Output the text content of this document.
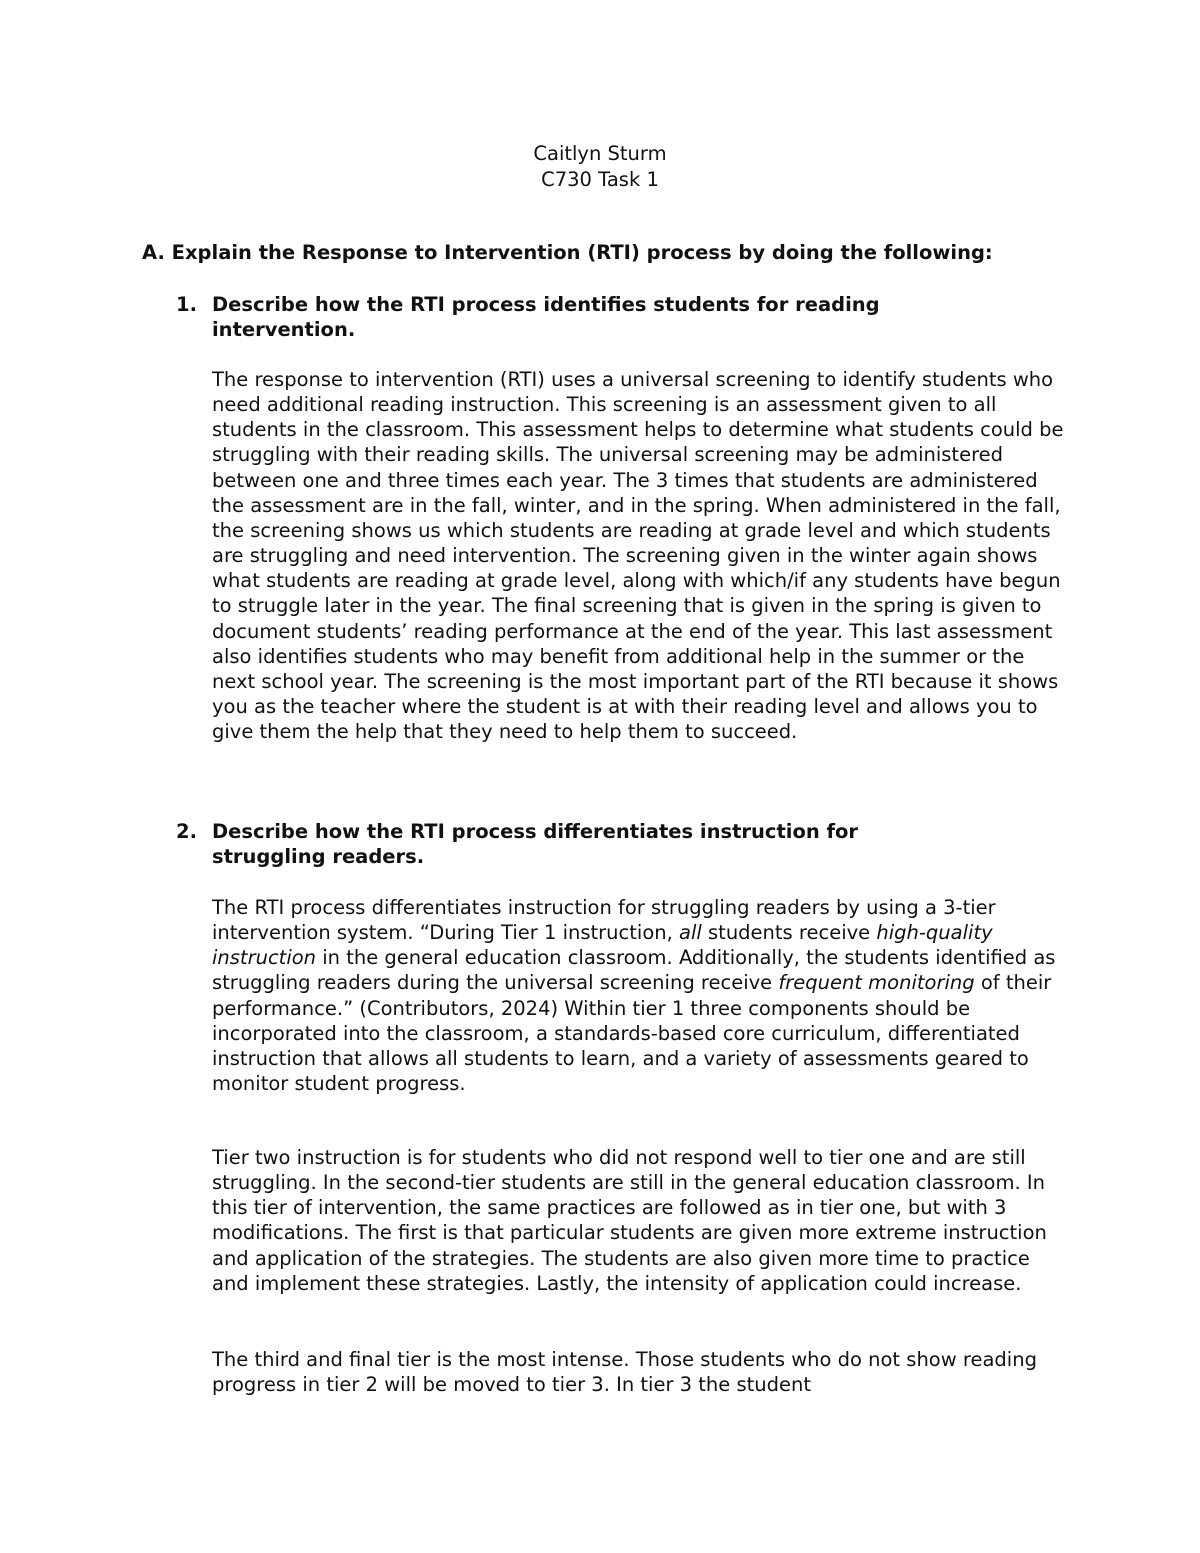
Caitlyn Sturm
C730 Task 1
A. Explain the Response to Intervention (RTI) process by doing the following:
1. Describe how the RTI process identifies students for reading intervention.

The response to intervention (RTI) uses a universal screening to identify students who need additional reading instruction. This screening is an assessment given to all students in the classroom. This assessment helps to determine what students could be struggling with their reading skills. The universal screening may be administered between one and three times each year. The 3 times that students are administered the assessment are in the fall, winter, and in the spring. When administered in the fall, the screening shows us which students are reading at grade level and which students are struggling and need intervention. The screening given in the winter again shows what students are reading at grade level, along with which/if any students have begun to struggle later in the year. The final screening that is given in the spring is given to document students’ reading performance at the end of the year. This last assessment also identifies students who may benefit from additional help in the summer or the next school year. The screening is the most important part of the RTI because it shows you as the teacher where the student is at with their reading level and allows you to give them the help that they need to help them to succeed.

2. Describe how the RTI process differentiates instruction for struggling readers.

The RTI process differentiates instruction for struggling readers by using a 3-tier intervention system. “During Tier 1 instruction, all students receive high-quality instruction in the general education classroom. Additionally, the students identified as struggling readers during the universal screening receive frequent monitoring of their performance.” (Contributors, 2024) Within tier 1 three components should be incorporated into the classroom, a standards-based core curriculum, differentiated instruction that allows all students to learn, and a variety of assessments geared to monitor student progress.

Tier two instruction is for students who did not respond well to tier one and are still struggling. In the second-tier students are still in the general education classroom. In this tier of intervention, the same practices are followed as in tier one, but with 3 modifications. The first is that particular students are given more extreme instruction and application of the strategies. The students are also given more time to practice and implement these strategies. Lastly, the intensity of application could increase.

The third and final tier is the most intense. Those students who do not show reading progress in tier 2 will be moved to tier 3. In tier 3 the student
